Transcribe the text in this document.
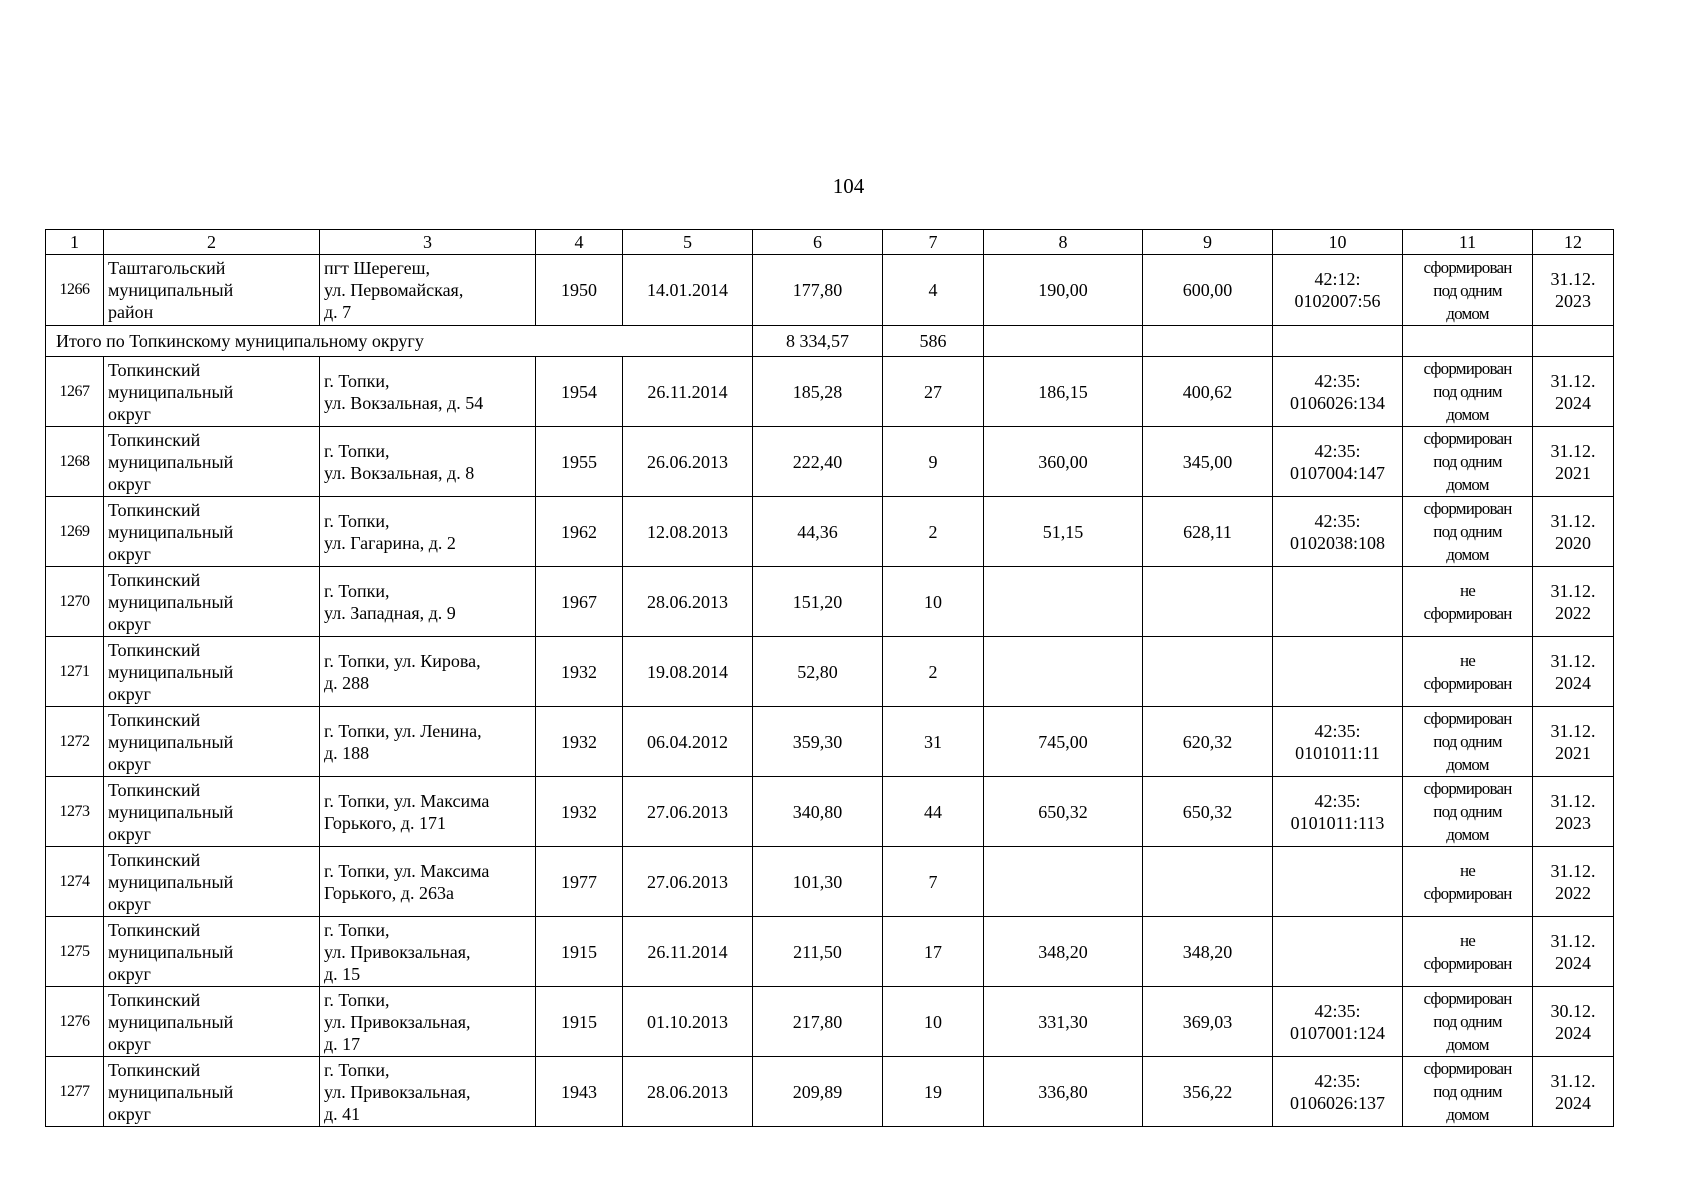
104
1	2	3	4	5	6	7	8	9	10	11	12
1266	Таштагольский
муниципальный
район	пгт Шерегеш,
ул. Первомайская,
д. 7	1950	14.01.2014	177,80	4	190,00	600,00	42:12:
0102007:56	сформирован
под одним
домом	31.12.
2023

Итого по Топкинскому муниципальному округу					8 334,57	586					
1267	Топкинский
муниципальный
округ	г. Топки,
ул. Вокзальная, д. 54	1954	26.11.2014	185,28	27	186,15	400,62	42:35:
0106026:134	сформирован
под одним
домом	31.12.
2024

1268	Топкинский
муниципальный
округ	г. Топки,
ул. Вокзальная, д. 8	1955	26.06.2013	222,40	9	360,00	345,00	42:35:
0107004:147	сформирован
под одним
домом	31.12.
2021

1269	Топкинский
муниципальный
округ	г. Топки,
ул. Гагарина, д. 2	1962	12.08.2013	44,36	2	51,15	628,11	42:35:
0102038:108	сформирован
под одним
домом	31.12.
2020

1270	Топкинский
муниципальный
округ	г. Топки,
ул. Западная, д. 9	1967	28.06.2013	151,20	10				не
сформирован	31.12.
2022

1271	Топкинский
муниципальный
округ	г. Топки, ул. Кирова,
д. 288	1932	19.08.2014	52,80	2				не
сформирован	31.12.
2024

1272	Топкинский
муниципальный
округ	г. Топки, ул. Ленина,
д. 188	1932	06.04.2012	359,30	31	745,00	620,32	42:35:
0101011:11	сформирован
под одним
домом	31.12.
2021

1273	Топкинский
муниципальный
округ	г. Топки, ул. Максима
Горького, д. 171	1932	27.06.2013	340,80	44	650,32	650,32	42:35:
0101011:113	сформирован
под одним
домом	31.12.
2023

1274	Топкинский
муниципальный
округ	г. Топки, ул. Максима
Горького, д. 263а	1977	27.06.2013	101,30	7				не
сформирован	31.12.
2022

1275	Топкинский
муниципальный
округ	г. Топки,
ул. Привокзальная,
д. 15	1915	26.11.2014	211,50	17	348,20	348,20		не
сформирован	31.12.
2024

1276	Топкинский
муниципальный
округ	г. Топки,
ул. Привокзальная,
д. 17	1915	01.10.2013	217,80	10	331,30	369,03	42:35:
0107001:124	сформирован
под одним
домом	30.12.
2024

1277	Топкинский
муниципальный
округ	г. Топки,
ул. Привокзальная,
д. 41	1943	28.06.2013	209,89	19	336,80	356,22	42:35:
0106026:137	сформирован
под одним
домом	31.12.
2024
